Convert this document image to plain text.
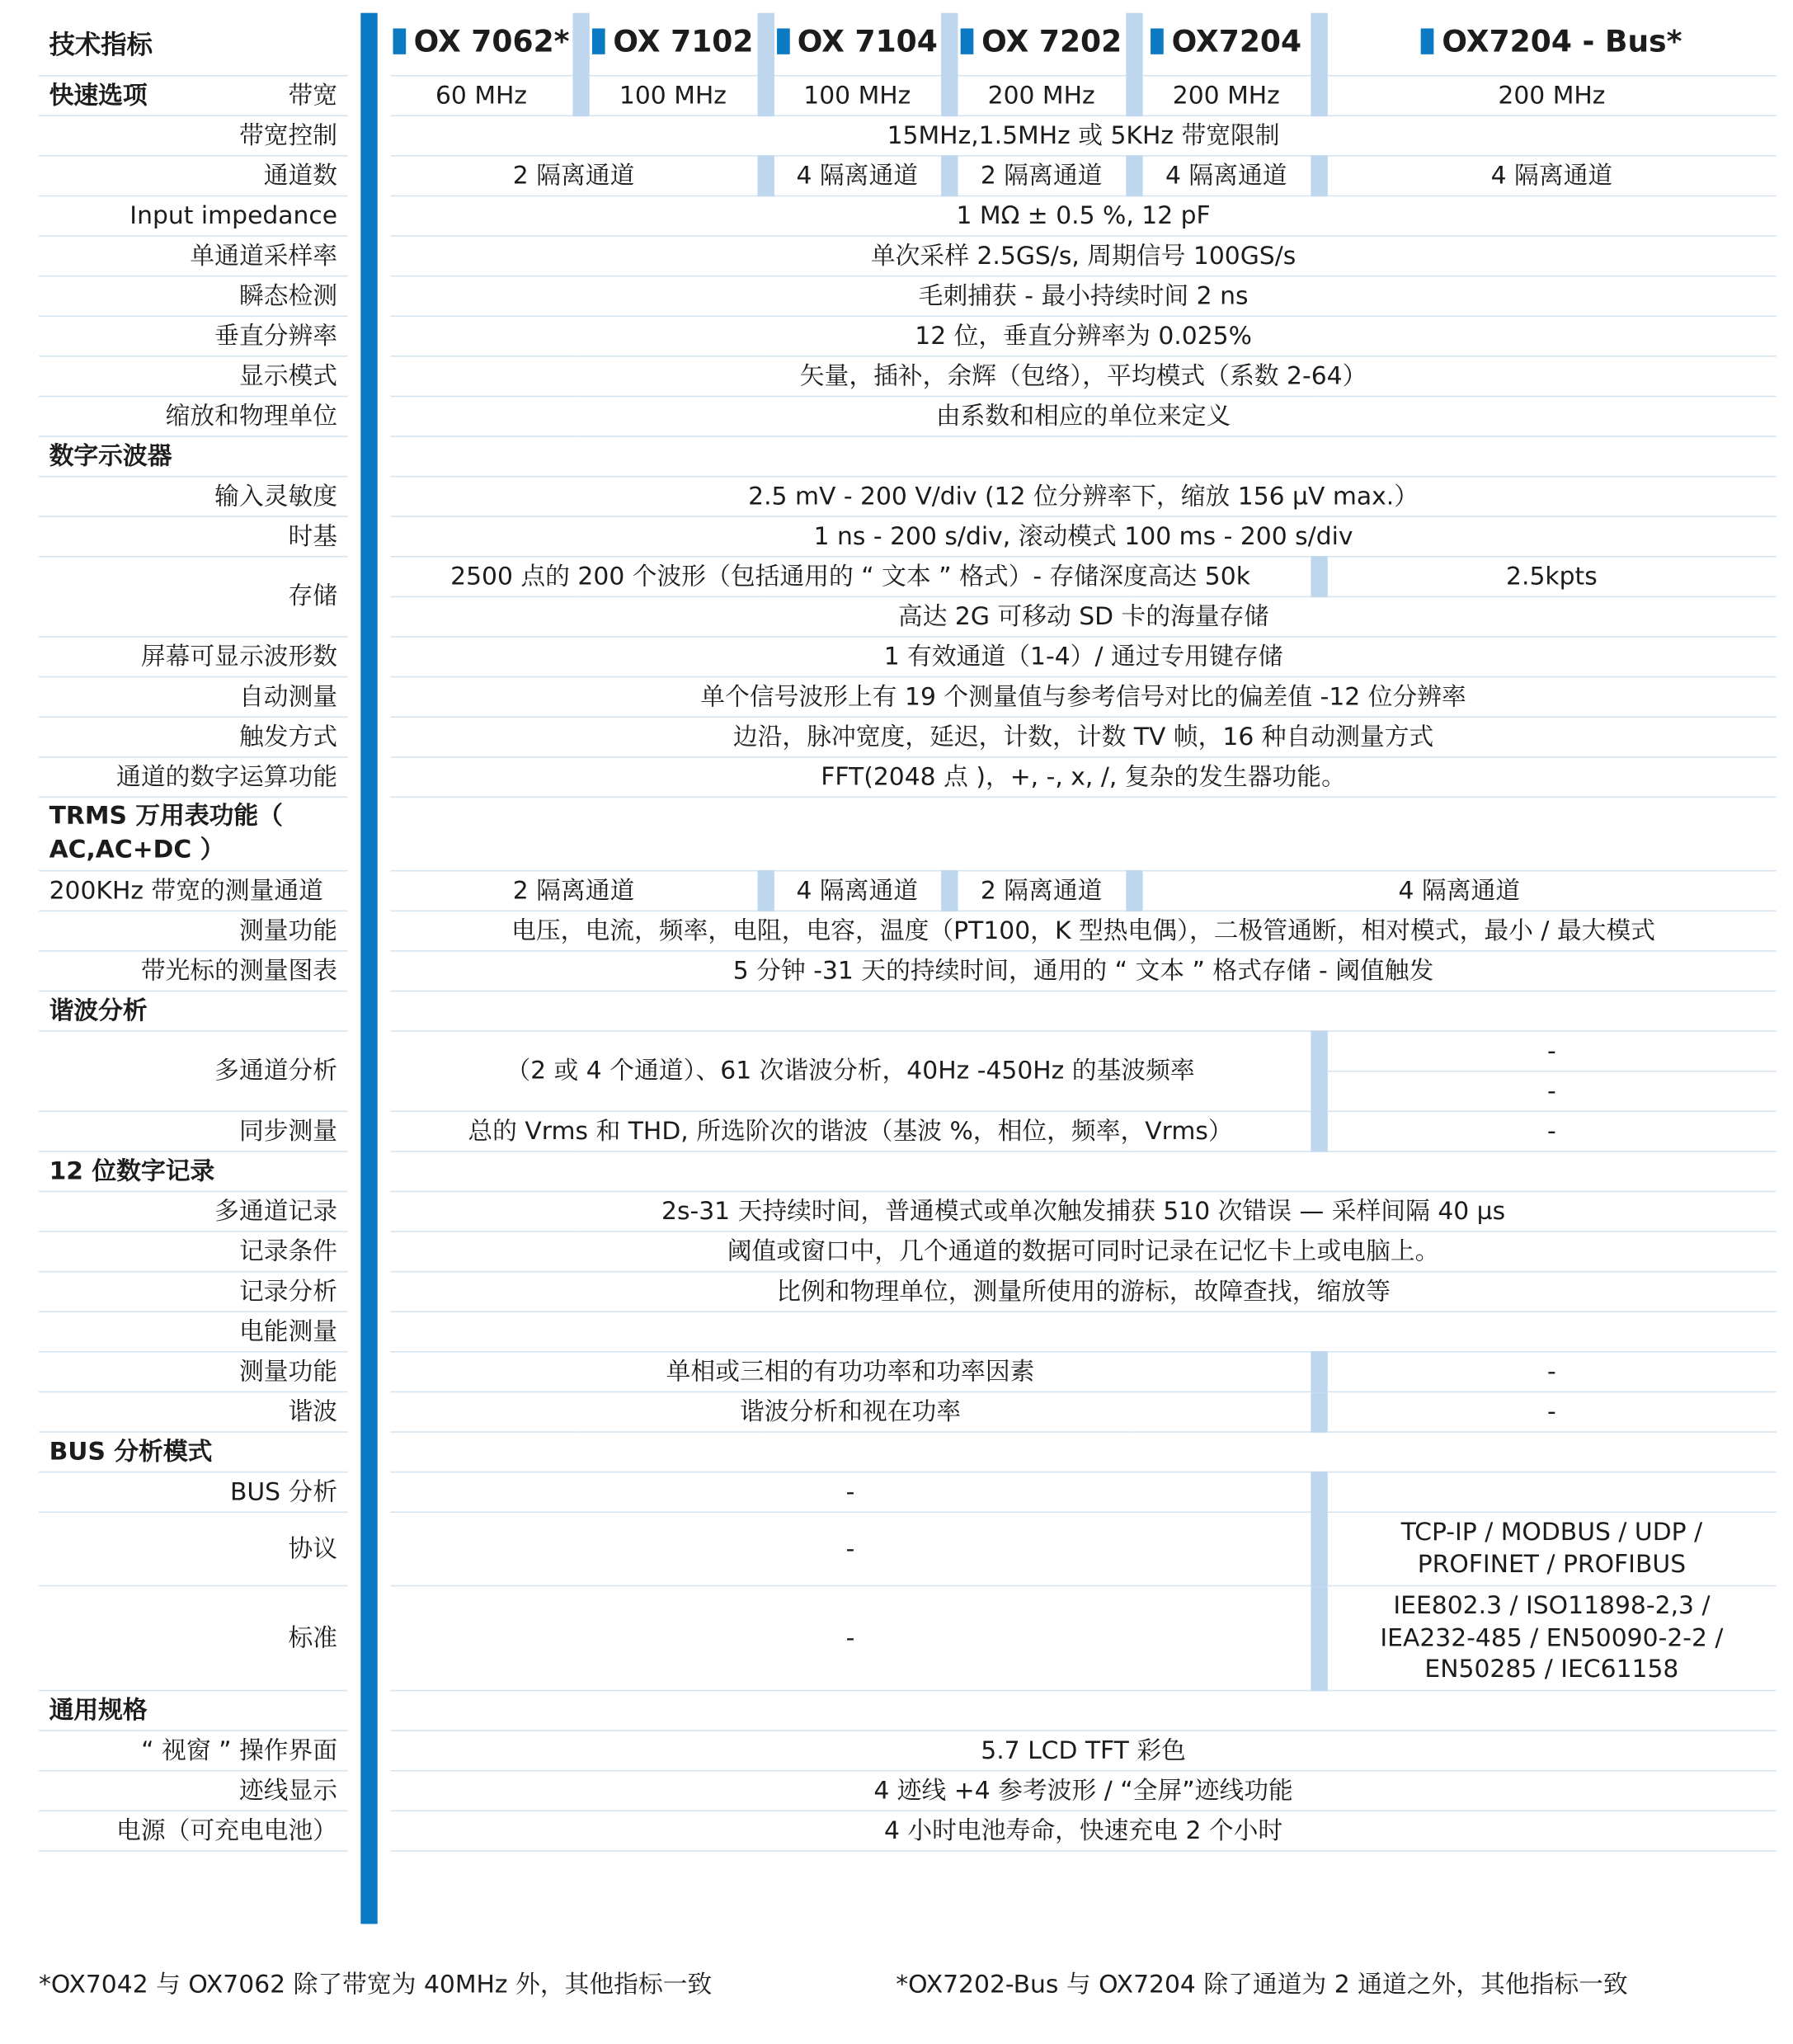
技术指标		OX 7062*	OX 7102	OX 7104	OX 7202	OX7204	OX7204 - Bus*
快速选项 带宽		60 MHz	100 MHz	100 MHz	200 MHz	200 MHz	200 MHz
带宽控制		15MHz,1.5MHz 或 5KHz 带宽限制					
通道数		2 隔离通道		4 隔离通道	2 隔离通道	4 隔离通道	4 隔离通道
Input impedance		1 MΩ ± 0.5 %, 12 pF					
单通道采样率		单次采样 2.5GS/s, 周期信号 100GS/s					
瞬态检测		毛刺捕获 - 最小持续时间 2 ns					
垂直分辨率		12 位，垂直分辨率为 0.025%					
显示模式		矢量，插补，余辉（包络），平均模式（系数 2-64）					
缩放和物理单位		由系数和相应的单位来定义					
数字示波器							
输入灵敏度		2.5 mV - 200 V/div (12 位分辨率下，缩放 156 µV max.）					
时基		1 ns - 200 s/div, 滚动模式 100 ms - 200 s/div					
存储		2500 点的 200 个波形（包括通用的 “ 文本 ” 格式）- 存储深度高达 50k					2.5kpts
		高达 2G 可移动 SD 卡的海量存储					
屏幕可显示波形数		1 有效通道（1-4）/ 通过专用键存储					
自动测量		单个信号波形上有 19 个测量值与参考信号对比的偏差值 -12 位分辨率					
触发方式		边沿，脉冲宽度，延迟，计数，计数 TV 帧，16 种自动测量方式					
通道的数字运算功能		FFT(2048 点 )，+, -, x, /, 复杂的发生器功能。					
TRMS 万用表功能（ AC,AC+DC ）							
200KHz 带宽的测量通道		2 隔离通道		4 隔离通道	2 隔离通道	4 隔离通道	
测量功能		电压，电流，频率，电阻，电容，温度（PT100，K 型热电偶），二极管通断，相对模式，最小 / 最大模式					
带光标的测量图表		5 分钟 -31 天的持续时间，通用的 “ 文本 ” 格式存储 - 阈值触发					
谐波分析							
多通道分析		（2 或 4 个通道）、61 次谐波分析，40Hz -450Hz 的基波频率					-
							-
同步测量		总的 Vrms 和 THD, 所选阶次的谐波（基波 %，相位，频率，Vrms）					-
12 位数字记录							
多通道记录		2s-31 天持续时间，普通模式或单次触发捕获 510 次错误 — 采样间隔 40 µs					
记录条件		阈值或窗口中，几个通道的数据可同时记录在记忆卡上或电脑上。					
记录分析		比例和物理单位，测量所使用的游标，故障查找，缩放等					
电能测量							
测量功能		单相或三相的有功功率和功率因素					-
谐波		谐波分析和视在功率					-
BUS 分析模式							
BUS 分析		-					
协议		-					TCP-IP / MODBUS / UDP / PROFINET / PROFIBUS
标准		-					IEE802.3 / ISO11898-2,3 / IEA232-485 / EN50090-2-2 / EN50285 / IEC61158
通用规格							
“ 视窗 ” 操作界面		5.7 LCD TFT 彩色					
迹线显示		4 迹线 +4 参考波形 / “全屏”迹线功能					
电源（可充电电池）		4 小时电池寿命，快速充电 2 个小时					
*OX7042 与 OX7062 除了带宽为 40MHz 外，其他指标一致	*OX7202-Bus 与 OX7204 除了通道为 2 通道之外，其他指标一致
